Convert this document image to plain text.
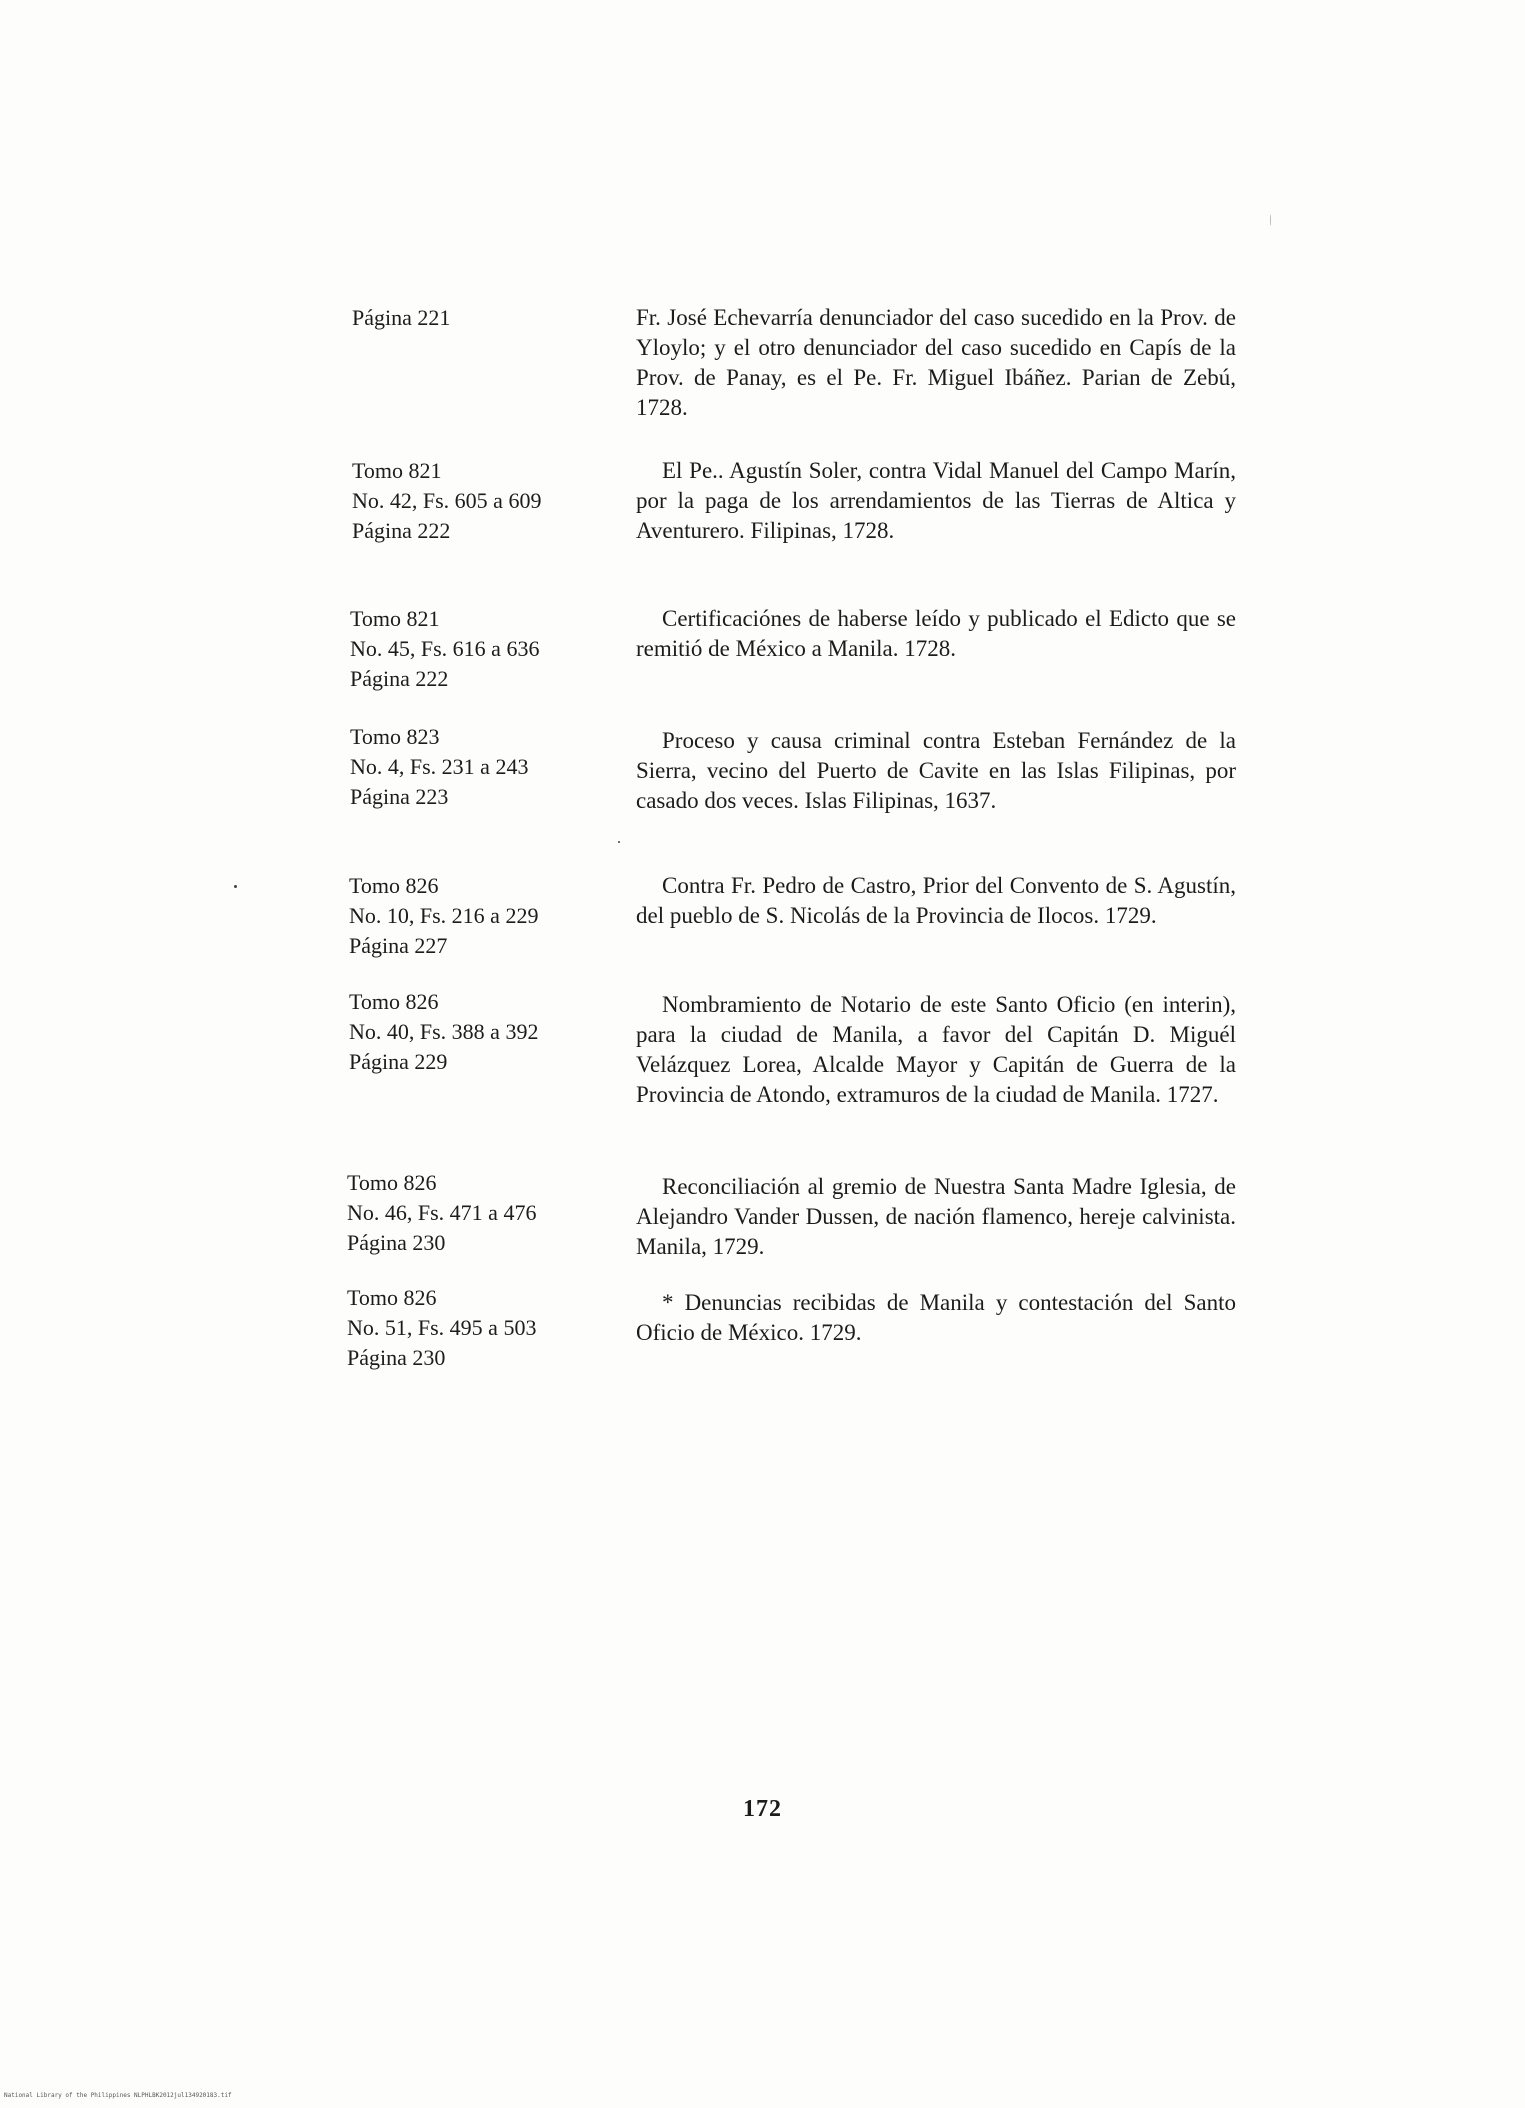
Página 221	Fr. José Echevarría denunciador del caso sucedido en la Prov. de Yloylo; y el otro denunciador del caso sucedido en Capís de la Prov. de Panay, es el Pe. Fr. Miguel Ibáñez. Parian de Zebú, 1728.
Tomo 821
No. 42, Fs. 605 a 609
Página 222
El Pe.. Agustín Soler, contra Vidal Manuel del Campo Marín, por la paga de los arrendamientos de las Tierras de Altica y Aventurero. Filipinas, 1728.
Tomo 821
No. 45, Fs. 616 a 636
Página 222
Certificaciónes de haberse leído y publicado el Edicto que se remitió de México a Manila. 1728.
Tomo 823
No. 4, Fs. 231 a 243
Página 223
Proceso y causa criminal contra Esteban Fernández de la Sierra, vecino del Puerto de Cavite en las Islas Filipinas, por casado dos veces. Islas Filipinas, 1637.
Tomo 826
No. 10, Fs. 216 a 229
Página 227
Contra Fr. Pedro de Castro, Prior del Convento de S. Agustín, del pueblo de S. Nicolás de la Provincia de Ilocos. 1729.
Tomo 826
No. 40, Fs. 388 a 392
Página 229
Nombramiento de Notario de este Santo Oficio (en interin), para la ciudad de Manila, a favor del Capitán D. Miguél Velázquez Lorea, Alcalde Mayor y Capitán de Guerra de la Provincia de Atondo, extramuros de la ciudad de Manila. 1727.
Tomo 826
No. 46, Fs. 471 a 476
Página 230
Reconciliación al gremio de Nuestra Santa Madre Iglesia, de Alejandro Vander Dussen, de nación flamenco, hereje calvinista. Manila, 1729.
Tomo 826
No. 51, Fs. 495 a 503
Página 230
* Denuncias recibidas de Manila y contestación del Santo Oficio de México. 1729.
172
National Library of the Philippines NLPHLBK2012jul134920183.tif
